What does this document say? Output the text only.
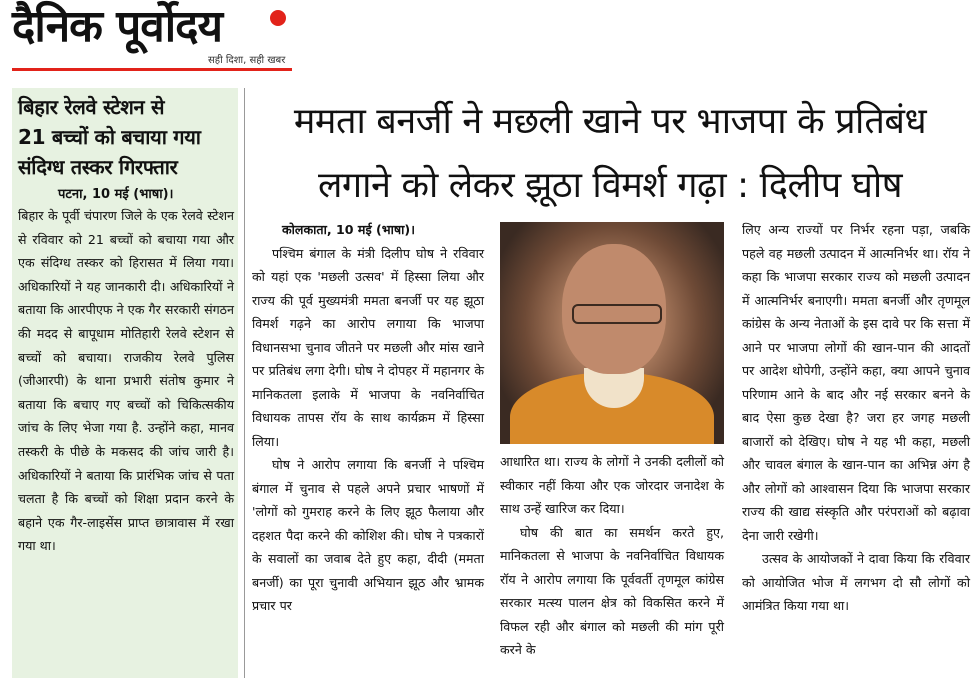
दैनिक पूर्वोदय
सही दिशा, सही खबर
बिहार रेलवे स्टेशन से
21 बच्चों को बचाया गया
संदिग्ध तस्कर गिरफ्तार
पटना, 10 मई (भाषा)।
बिहार के पूर्वी चंपारण जिले के एक रेलवे स्टेशन से रविवार को 21 बच्चों को बचाया गया और एक संदिग्ध तस्कर को हिरासत में लिया गया। अधिकारियों ने यह जानकारी दी। अधिकारियों ने बताया कि आरपीएफ ने एक गैर सरकारी संगठन की मदद से बापूधाम मोतिहारी रेलवे स्टेशन से बच्चों को बचाया। राजकीय रेलवे पुलिस (जीआरपी) के थाना प्रभारी संतोष कुमार ने बताया कि बचाए गए बच्चों को चिकित्सकीय जांच के लिए भेजा गया है. उन्होंने कहा, मानव तस्करी के पीछे के मकसद की जांच जारी है। अधिकारियों ने बताया कि प्रारंभिक जांच से पता चलता है कि बच्चों को शिक्षा प्रदान करने के बहाने एक गैर-लाइसेंस प्राप्त छात्रावास में रखा गया था।
ममता बनर्जी ने मछली खाने पर भाजपा के प्रतिबंध
लगाने को लेकर झूठा विमर्श गढ़ा : दिलीप घोष
कोलकाता, 10 मई (भाषा)।
पश्चिम बंगाल के मंत्री दिलीप घोष ने रविवार को यहां एक 'मछली उत्सव' में हिस्सा लिया और राज्य की पूर्व मुख्यमंत्री ममता बनर्जी पर यह झूठा विमर्श गढ़ने का आरोप लगाया कि भाजपा विधानसभा चुनाव जीतने पर मछली और मांस खाने पर प्रतिबंध लगा देगी। घोष ने दोपहर में महानगर के मानिकतला इलाके में भाजपा के नवनिर्वाचित विधायक तापस रॉय के साथ कार्यक्रम में हिस्सा लिया।
घोष ने आरोप लगाया कि बनर्जी ने पश्चिम बंगाल में चुनाव से पहले अपने प्रचार भाषणों में 'लोगों को गुमराह करने के लिए झूठ फैलाया और दहशत पैदा करने की कोशिश की। घोष ने पत्रकारों के सवालों का जवाब देते हुए कहा, दीदी (ममता बनर्जी) का पूरा चुनावी अभियान झूठ और भ्रामक प्रचार पर
आधारित था। राज्य के लोगों ने उनकी दलीलों को स्वीकार नहीं किया और एक जोरदार जनादेश के साथ उन्हें खारिज कर दिया।
घोष की बात का समर्थन करते हुए, मानिकतला से भाजपा के नवनिर्वाचित विधायक रॉय ने आरोप लगाया कि पूर्ववर्ती तृणमूल कांग्रेस सरकार मत्स्य पालन क्षेत्र को विकसित करने में विफल रही और बंगाल को मछली की मांग पूरी करने के
लिए अन्य राज्यों पर निर्भर रहना पड़ा, जबकि पहले वह मछली उत्पादन में आत्मनिर्भर था। रॉय ने कहा कि भाजपा सरकार राज्य को मछली उत्पादन में आत्मनिर्भर बनाएगी। ममता बनर्जी और तृणमूल कांग्रेस के अन्य नेताओं के इस दावे पर कि सत्ता में आने पर भाजपा लोगों की खान-पान की आदतों पर आदेश थोपेगी, उन्होंने कहा, क्या आपने चुनाव परिणाम आने के बाद और नई सरकार बनने के बाद ऐसा कुछ देखा है? जरा हर जगह मछली बाजारों को देखिए। घोष ने यह भी कहा, मछली और चावल बंगाल के खान-पान का अभिन्न अंग है और लोगों को आश्वासन दिया कि भाजपा सरकार राज्य की खाद्य संस्कृति और परंपराओं को बढ़ावा देना जारी रखेगी।
उत्सव के आयोजकों ने दावा किया कि रविवार को आयोजित भोज में लगभग दो सौ लोगों को आमंत्रित किया गया था।
